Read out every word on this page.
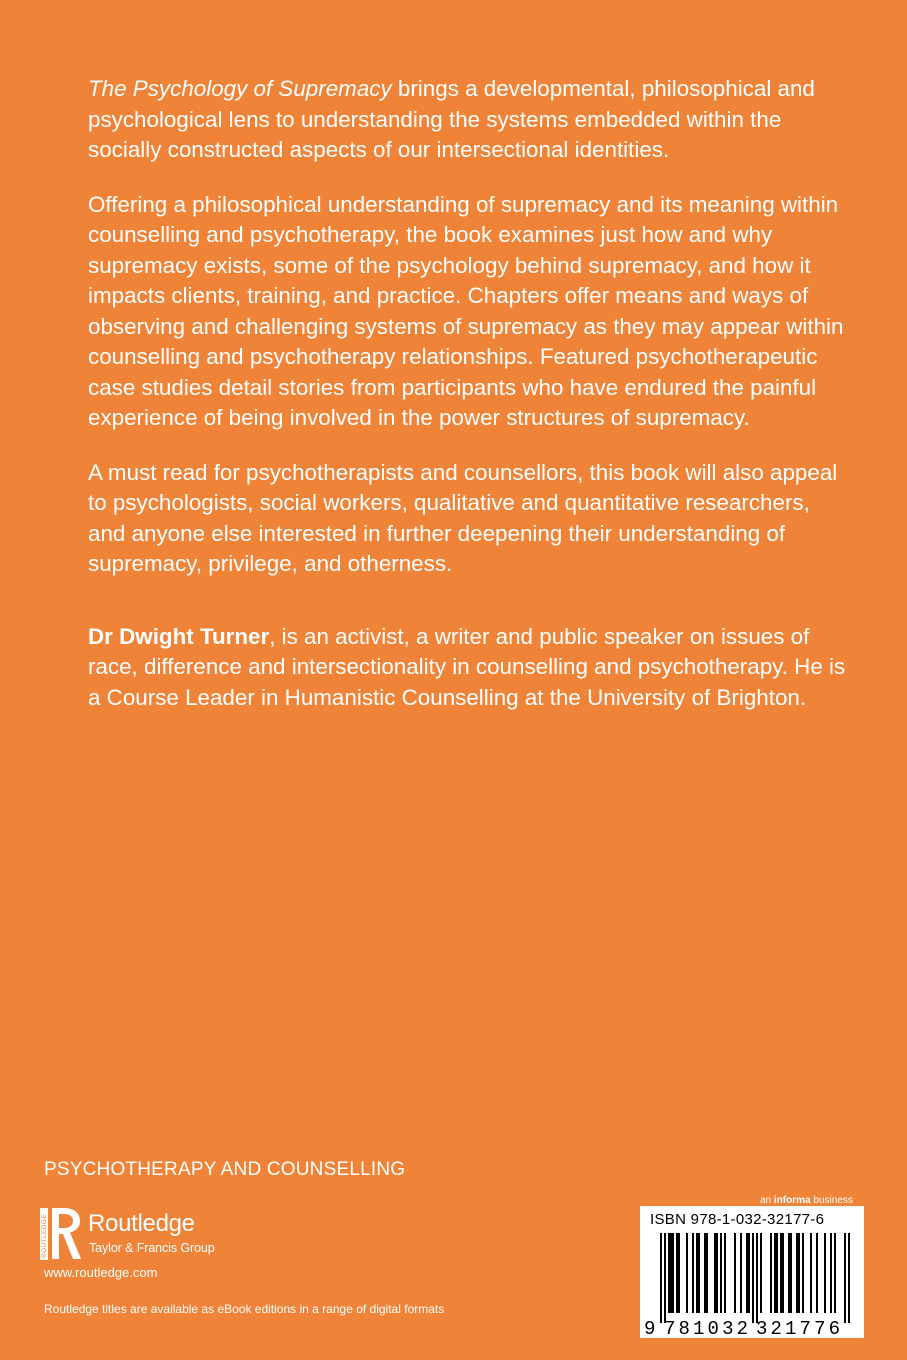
The Psychology of Supremacy brings a developmental, philosophical and psychological lens to understanding the systems embedded within the socially constructed aspects of our intersectional identities.

Offering a philosophical understanding of supremacy and its meaning within counselling and psychotherapy, the book examines just how and why supremacy exists, some of the psychology behind supremacy, and how it impacts clients, training, and practice. Chapters offer means and ways of observing and challenging systems of supremacy as they may appear within counselling and psychotherapy relationships. Featured psychotherapeutic case studies detail stories from participants who have endured the painful experience of being involved in the power structures of supremacy.

A must read for psychotherapists and counsellors, this book will also appeal to psychologists, social workers, qualitative and quantitative researchers, and anyone else interested in further deepening their understanding of supremacy, privilege, and otherness.

Dr Dwight Turner, is an activist, a writer and public speaker on issues of race, difference and intersectionality in counselling and psychotherapy. He is a Course Leader in Humanistic Counselling at the University of Brighton.

PSYCHOTHERAPY AND COUNSELLING
ROUTLEDGE Routledge
Taylor & Francis Group
www.routledge.com
Routledge titles are available as eBook editions in a range of digital formats
an informa business
ISBN 978-1-032-32177-6
9 781032 321776
